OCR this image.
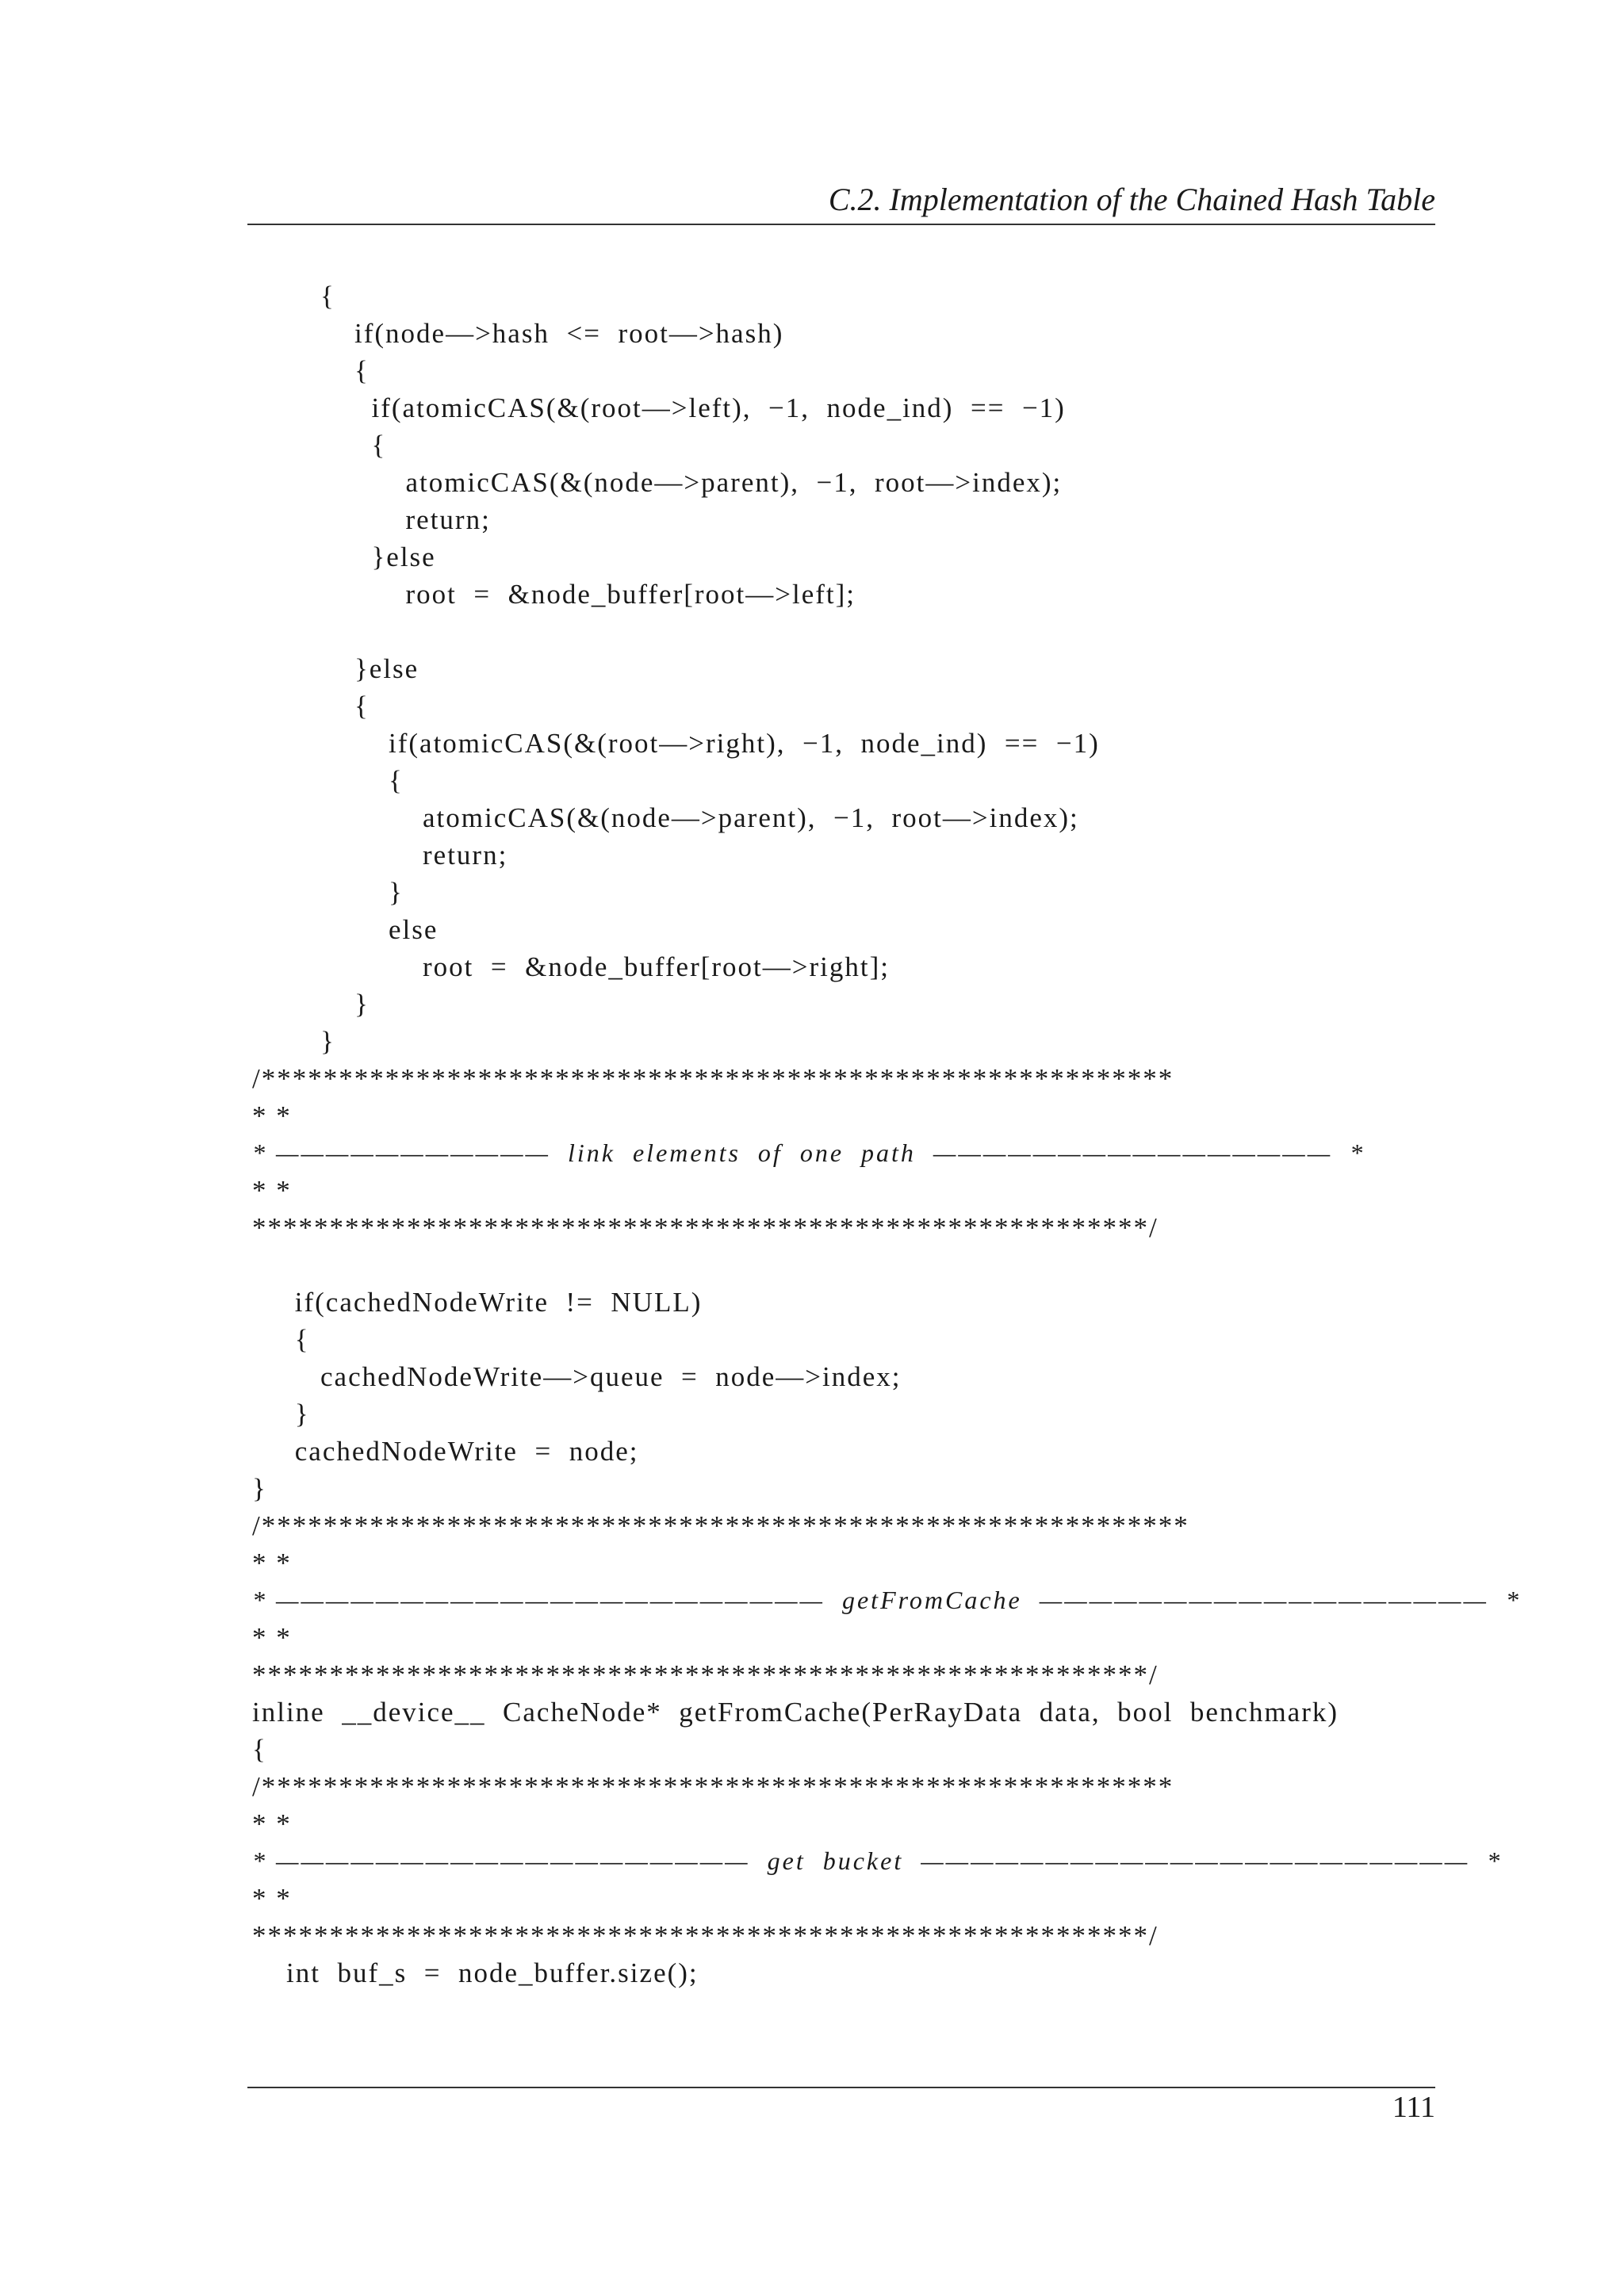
C.2. Implementation of the Chained Hash Table
{
if(node—>hash  <=  root—>hash)
{
if(atomicCAS(&(root—>left),  −1,  node_ind)  ==  −1)
{
atomicCAS(&(node—>parent),  −1,  root—>index);
return;
}else
root  =  &node_buffer[root—>left];
}else
{
if(atomicCAS(&(root—>right),  −1,  node_ind)  ==  −1)
{
atomicCAS(&(node—>parent),  −1,  root—>index);
return;
}
else
root  =  &node_buffer[root—>right];
}
}
/***********************************************************
* *
* ———————————  link  elements  of  one  path  ————————————————  *
* *
**********************************************************/
if(cachedNodeWrite  !=  NULL)
{
cachedNodeWrite—>queue  =  node—>index;
}
cachedNodeWrite  =  node;
}
/************************************************************
* *
* ——————————————————————  getFromCache  ——————————————————  *
* *
**********************************************************/
inline  __device__  CacheNode*  getFromCache(PerRayData  data,  bool  benchmark)
{
/***********************************************************
* *
* ———————————————————  get  bucket  ——————————————————————  *
* *
**********************************************************/
int  buf_s  =  node_buffer.size();
111
